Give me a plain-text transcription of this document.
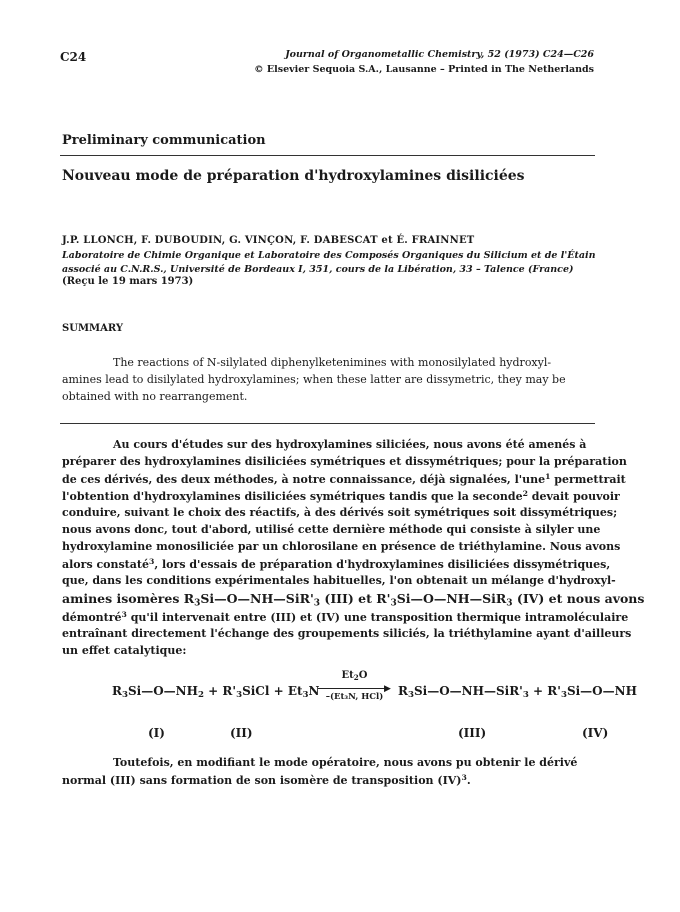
C24	Journal of Organometallic Chemistry, 52 (1973) C24—C26
© Elsevier Sequoia S.A., Lausanne – Printed in The Netherlands
Preliminary communication
Nouveau mode de préparation d'hydroxylamines disiliciées
J.P. LLONCH, F. DUBOUDIN, G. VINÇON, F. DABESCAT et É. FRAINNET
Laboratoire de Chimie Organique et Laboratoire des Composés Organiques du Silicium et de l'Étain
associé au C.N.R.S., Université de Bordeaux I, 351, cours de la Libération, 33 – Talence (France)
(Reçu le 19 mars 1973)
SUMMARY
The reactions of N-silylated diphenylketenimines with monosilylated hydroxyl-
amines lead to disilylated hydroxylamines; when these latter are dissymetric, they may be
obtained with no rearrangement.
Au cours d'études sur des hydroxylamines siliciées, nous avons été amenés à
préparer des hydroxylamines disiliciées symétriques et dissymétriques; pour la préparation
de ces dérivés, des deux méthodes, à notre connaissance, déjà signalées, l'une$^1$ permettrait
l'obtention d'hydroxylamines disiliciées symétriques tandis que la seconde$^2$ devait pouvoir
conduire, suivant le choix des réactifs, à des dérivés soit symétriques soit dissymétriques;
nous avons donc, tout d'abord, utilisé cette dernière méthode qui consiste à silyler une
hydroxylamine monosiliciée par un chlorosilane en présence de triéthylamine. Nous avons
alors constaté$^3$, lors d'essais de préparation d'hydroxylamines disiliciées dissymétriques,
que, dans les conditions expérimentales habituelles, l'on obtenait un mélange d'hydroxyl-
amines isomères $R_3Si—O—NH—SiR'_3$ (III) et $R'_3Si—O—NH—SiR_3$ (IV) et nous avons
démontré$^3$ qu'il intervenait entre (III) et (IV) une transposition thermique intramoléculaire
entraînant directement l'échange des groupements siliciés, la triéthylamine ayant d'ailleurs
un effet catalytique:
$R_3Si—O—NH_2$ + $R'_3SiCl + Et_3N$
$Et_2O$
▶
–(Et₃N, HCl)	$R_3Si—O—NH—SiR'_3$ + $R'_3Si—O—NH$
(I)	(II)	(III)	(IV)
Toutefois, en modifiant le mode opératoire, nous avons pu obtenir le dérivé
normal (III) sans formation de son isomère de transposition (IV)$^3$.
